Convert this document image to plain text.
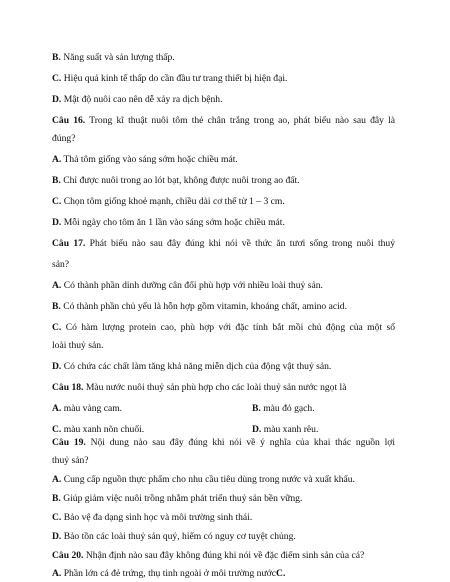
B. Năng suất và sản lượng thấp.
C. Hiệu quả kinh tế thấp do cần đầu tư trang thiết bị hiện đại.
D. Mật độ nuôi cao nên dễ xảy ra dịch bệnh.
Câu 16. Trong kĩ thuật nuôi tôm thẻ chân trắng trong ao, phát biểu nào sau đây là
đúng?
A. Thả tôm giống vào sáng sớm hoặc chiều mát.
B. Chỉ được nuôi trong ao lót bạt, không được nuôi trong ao đất.
C. Chọn tôm giống khoẻ mạnh, chiều dài cơ thể từ 1 – 3 cm.
D. Mỗi ngày cho tôm ăn 1 lần vào sáng sớm hoặc chiều mát.
Câu 17. Phát biểu nào sau đây đúng khi nói về thức ăn tươi sống trong nuôi thuỷ
sản?
A. Có thành phần dinh dưỡng cân đối phù hợp với nhiều loài thuỷ sản.
B. Có thành phần chủ yếu là hỗn hợp gồm vitamin, khoáng chất, amino acid.
C. Có hàm lượng protein cao, phù hợp với đặc tính bắt mồi chủ động của một số
loài thuỷ sản.
D. Có chứa các chất làm tăng khả năng miễn dịch của động vật thuỷ sản.
Câu 18. Màu nước nuôi thuỷ sản phù hợp cho các loài thuỷ sản nước ngọt là
A. màu vàng cam.	B. màu đỏ gạch.
C. màu xanh nõn chuối.	D. màu xanh rêu.
Câu 19. Nội dung nào sau đây đúng khi nói về ý nghĩa của khai thác nguồn lợi
thuỷ sản?
A. Cung cấp nguồn thực phẩm cho nhu cầu tiêu dùng trong nước và xuất khẩu.
B. Giúp giảm việc nuôi trồng nhằm phát triển thuỷ sản bền vững.
C. Bảo vệ đa dạng sinh học và môi trường sinh thái.
D. Bảo tồn các loài thuỷ sản quý, hiếm có nguy cơ tuyệt chủng.
Câu 20. Nhận định nào sau đây không đúng khi nói về đặc điểm sinh sản của cá?
A. Phần lớn cá đẻ trứng, thụ tinh ngoài ở môi trường nướcC.
